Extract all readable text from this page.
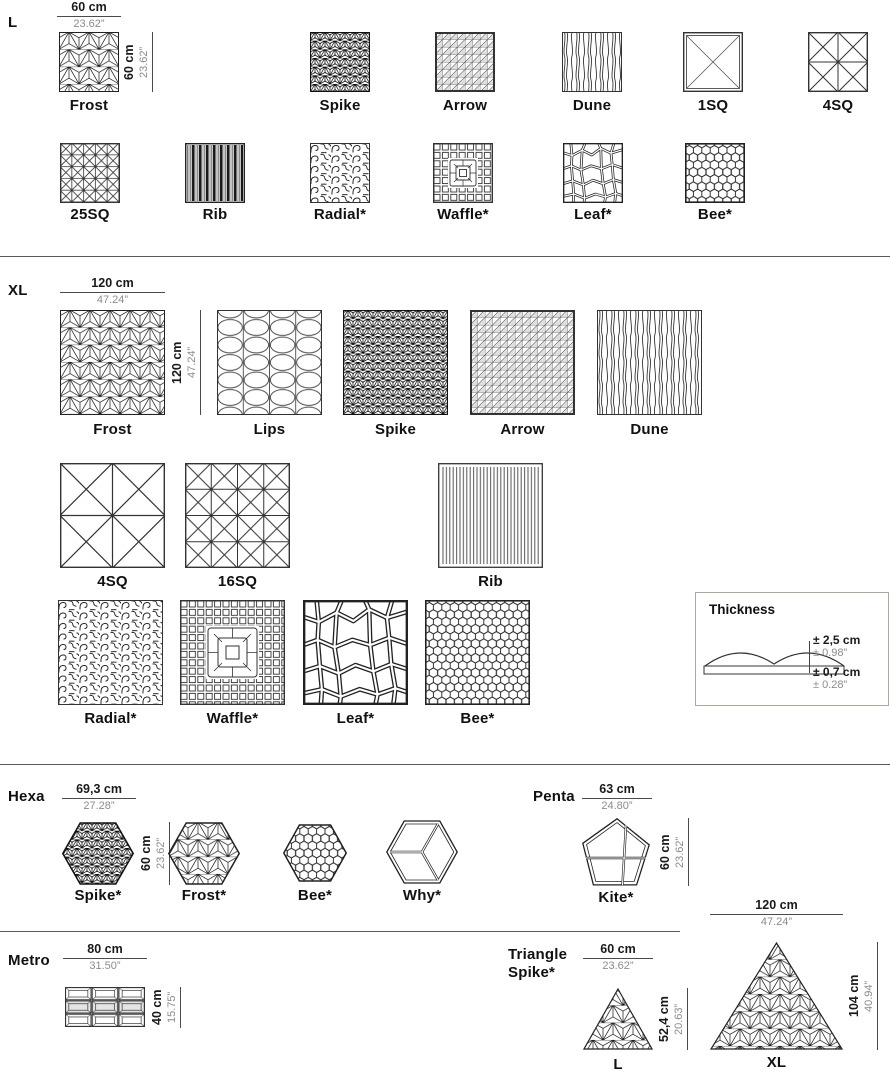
L
60 cm
23.62”
60 cm 23.62”
Frost	Spike	Arrow	Dune	1SQ	4SQ
25SQ	Rib	Radial*	Waffle*	Leaf*	Bee*
XL	120 cm
47.24”
120 cm 47.24”
Frost	Lips	Spike	Arrow	Dune
4SQ	16SQ	Rib
Radial*	Waffle*	Leaf*	Bee*
Thickness
± 2,5 cm
± 0.98”
± 0,7 cm
± 0.28”
Hexa	69,3 cm
27.28”
60 cm 23.62”
Spike*	Frost*	Bee*	Why*
Penta	63 cm
24.80”
60 cm 23.62”
Kite*
Metro
80 cm
31.50”
40 cm 15.75”
Triangle
Spike*
60 cm
23.62”
52,4 cm 20.63”
L
120 cm
47.24”
104 cm 40.94”
XL
